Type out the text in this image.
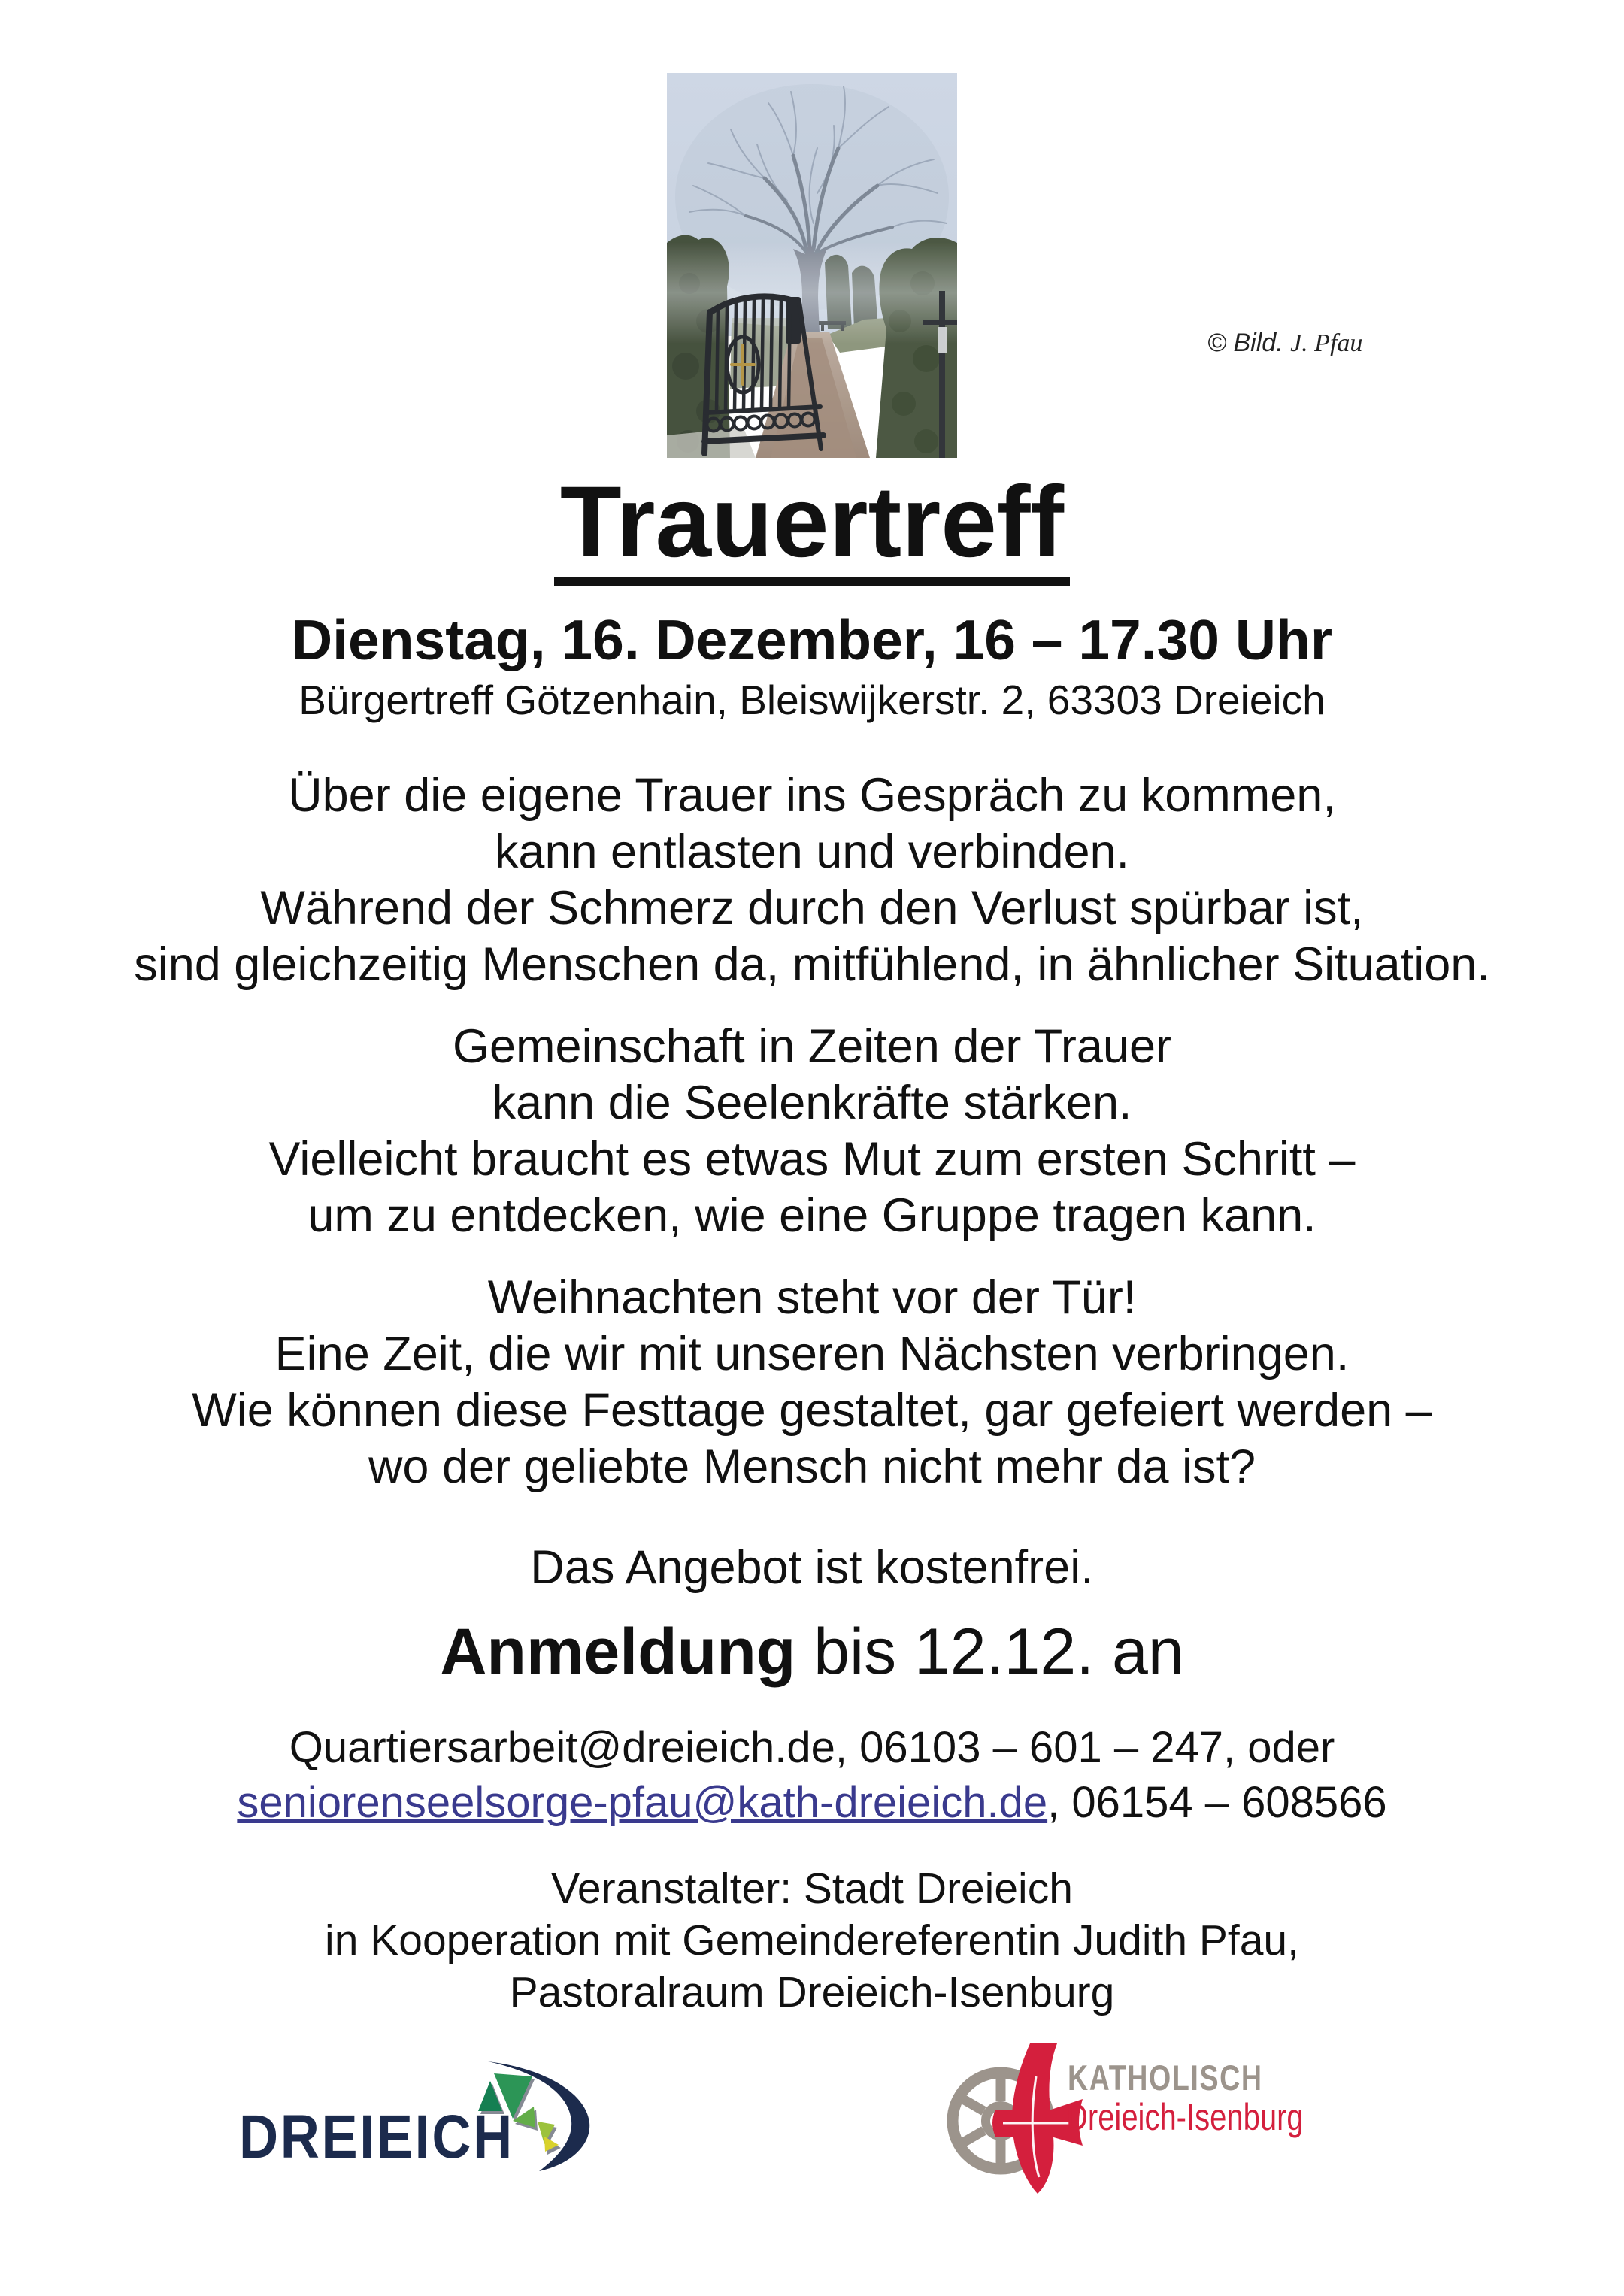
© Bild. J. Pfau
Trauertreff
Dienstag, 16. Dezember, 16 – 17.30 Uhr
Bürgertreff Götzenhain, Bleiswijkerstr. 2, 63303 Dreieich
Über die eigene Trauer ins Gespräch zu kommen,
kann entlasten und verbinden.
Während der Schmerz durch den Verlust spürbar ist,
sind gleichzeitig Menschen da, mitfühlend, in ähnlicher Situation.
Gemeinschaft in Zeiten der Trauer
kann die Seelenkräfte stärken.
Vielleicht braucht es etwas Mut zum ersten Schritt –
um zu entdecken, wie eine Gruppe tragen kann.
Weihnachten steht vor der Tür!
Eine Zeit, die wir mit unseren Nächsten verbringen.
Wie können diese Festtage gestaltet, gar gefeiert werden –
wo der geliebte Mensch nicht mehr da ist?
Das Angebot ist kostenfrei.
Anmeldung bis 12.12. an
Quartiersarbeit@dreieich.de, 06103 – 601 – 247, oder
seniorenseelsorge-pfau@kath-dreieich.de, 06154 – 608566
Veranstalter: Stadt Dreieich
in Kooperation mit Gemeindereferentin Judith Pfau,
Pastoralraum Dreieich-Isenburg
DREIEICH
KATHOLISCH
Dreieich-Isenburg
